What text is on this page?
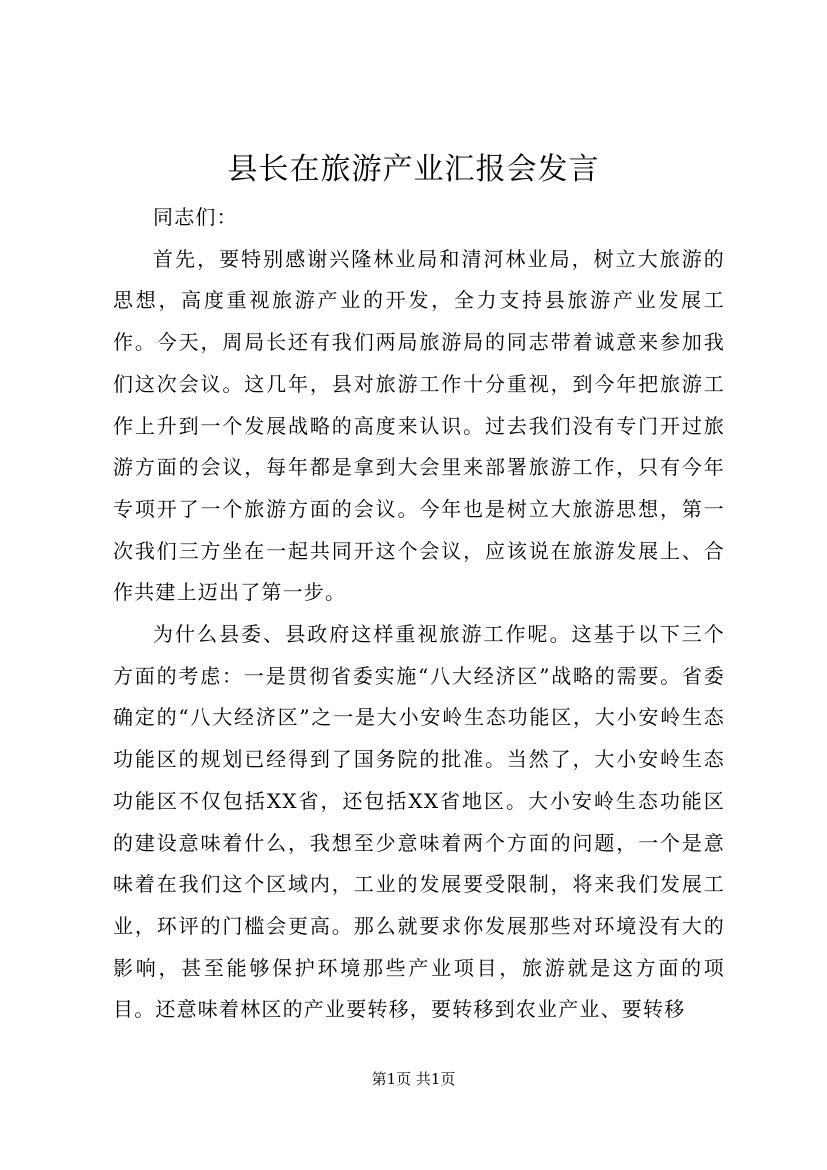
县长在旅游产业汇报会发言

同志们：

首先，要特别感谢兴隆林业局和清河林业局，树立大旅游的思想，高度重视旅游产业的开发，全力支持县旅游产业发展工作。今天，周局长还有我们两局旅游局的同志带着诚意来参加我们这次会议。这几年，县对旅游工作十分重视，到今年把旅游工作上升到一个发展战略的高度来认识。过去我们没有专门开过旅游方面的会议，每年都是拿到大会里来部署旅游工作，只有今年专项开了一个旅游方面的会议。今年也是树立大旅游思想，第一次我们三方坐在一起共同开这个会议，应该说在旅游发展上、合作共建上迈出了第一步。

为什么县委、县政府这样重视旅游工作呢。这基于以下三个方面的考虑：一是贯彻省委实施“八大经济区”战略的需要。省委确定的“八大经济区”之一是大小安岭生态功能区，大小安岭生态功能区的规划已经得到了国务院的批准。当然了，大小安岭生态功能区不仅包括XX省，还包括XX省地区。大小安岭生态功能区的建设意味着什么，我想至少意味着两个方面的问题，一个是意味着在我们这个区域内，工业的发展要受限制，将来我们发展工业，环评的门槛会更高。那么就要求你发展那些对环境没有大的影响，甚至能够保护环境那些产业项目，旅游就是这方面的项目。还意味着林区的产业要转移，要转移到农业产业、要转移

第1页 共1页
